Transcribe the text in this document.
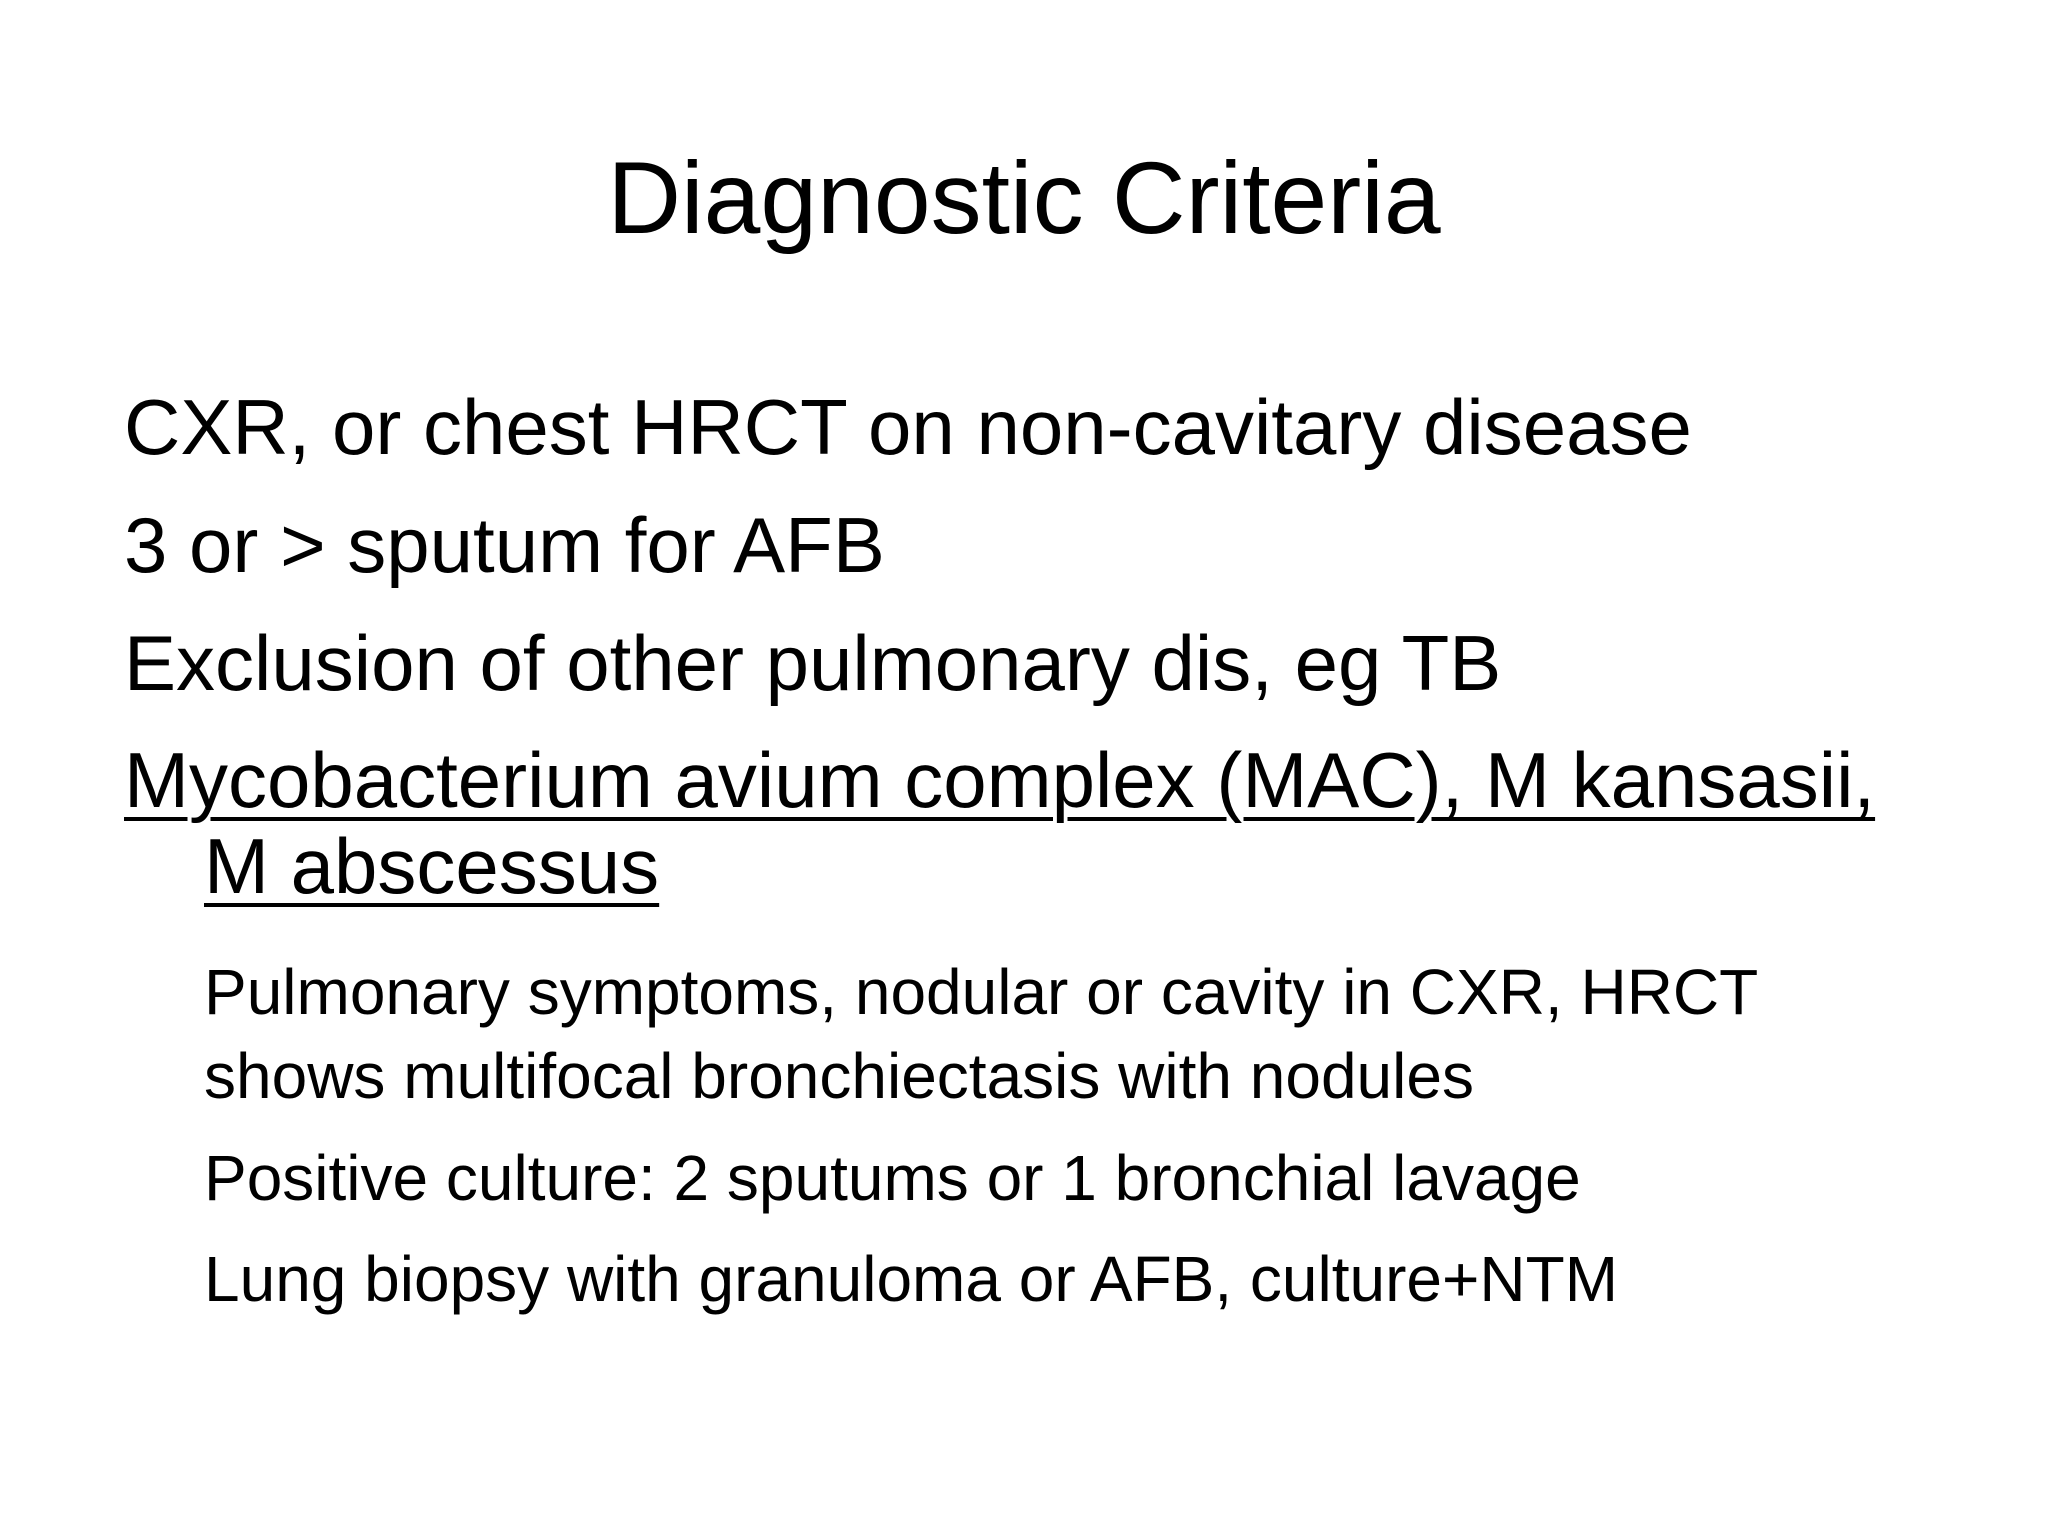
Diagnostic Criteria
CXR, or chest HRCT on non-cavitary disease
3 or > sputum for AFB
Exclusion of other pulmonary dis, eg TB
Mycobacterium avium complex (MAC), M kansasii,
M abscessus
Pulmonary symptoms, nodular or cavity in CXR, HRCT
shows multifocal bronchiectasis with nodules
Positive culture: 2 sputums or 1 bronchial lavage
Lung biopsy with granuloma or AFB, culture+NTM
